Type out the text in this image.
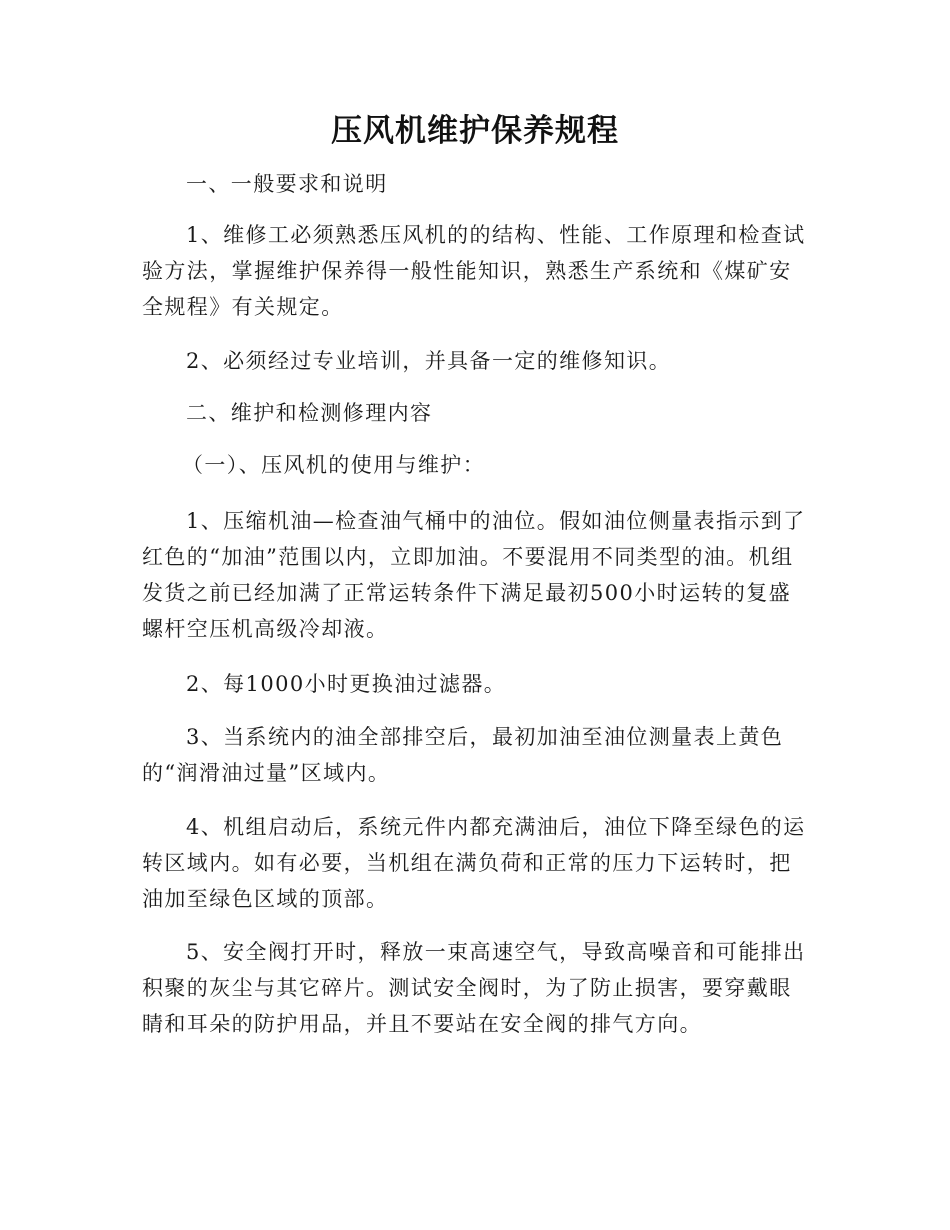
压风机维护保养规程

一、一般要求和说明

1、维修工必须熟悉压风机的的结构、性能、工作原理和检查试验方法，掌握维护保养得一般性能知识，熟悉生产系统和《煤矿安全规程》有关规定。

2、必须经过专业培训，并具备一定的维修知识。

二、维护和检测修理内容

（一）、压风机的使用与维护：

1、压缩机油—检查油气桶中的油位。假如油位侧量表指示到了红色的“加油”范围以内，立即加油。不要混用不同类型的油。机组发货之前已经加满了正常运转条件下满足最初500小时运转的复盛螺杆空压机高级冷却液。

2、每1000小时更换油过滤器。

3、当系统内的油全部排空后，最初加油至油位测量表上黄色的“润滑油过量”区域内。

4、机组启动后，系统元件内都充满油后，油位下降至绿色的运转区域内。如有必要，当机组在满负荷和正常的压力下运转时，把油加至绿色区域的顶部。

5、安全阀打开时，释放一束高速空气，导致高噪音和可能排出积聚的灰尘与其它碎片。测试安全阀时，为了防止损害，要穿戴眼睛和耳朵的防护用品，并且不要站在安全阀的排气方向。
